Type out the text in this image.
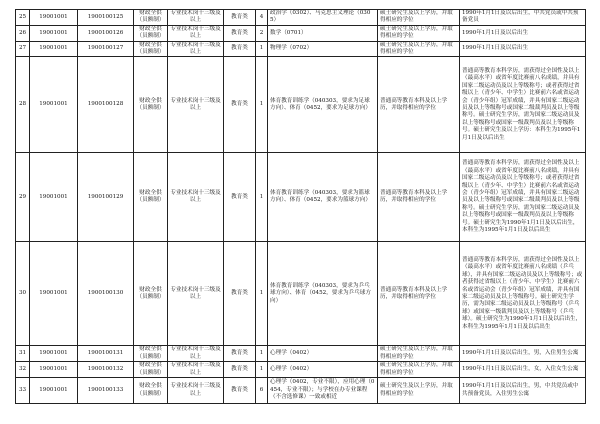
25	19001001	1900100125	财政全供（员额制）	专业技术岗十三级及以上	教育类	4	政治学（0302）、马克思主义理论（0305）	硕士研究生及以上学历，并取得相应的学位	1990年1月1日及以后出生，中共党员或中共预备党员
26	19001001	1900100126	财政全供（员额制）	专业技术岗十三级及以上	教育类	2	数学（0701）	硕士研究生及以上学历，并取得相应的学位	1990年1月1日及以后出生
27	19001001	1900100127	财政全供（员额制）	专业技术岗十三级及以上	教育类	1	物理学（0702）	硕士研究生及以上学历，并取得相应的学位	1990年1月1日及以后出生
28	19001001	1900100128	财政全供（员额制）	专业技术岗十三级及以上	教育类	1	体育教育训练学（040303，要求为足球方向）、体育（0452，要求为足球方向）	普通高等教育本科及以上学历，并取得相应的学位	普通高等教育本科学历，需获得过全国性及以上（最高水平）或省年度比赛前八名成绩，并具有国家二级运动员及以上等级称号；或者获得过省级以上（青少年、中学生）比赛前六名或省运动会（青少年组）冠军成绩，并具有国家二级运动员及以上等级称号或国家二级裁判员及以上等级称号。硕士研究生学历，需为国家二级运动员及以上等级称号或国家一级裁判员及以上等级称号。硕士研究生及以上学历：本科生为1995年1月1日及以后出生
29	19001001	1900100129	财政全供（员额制）	专业技术岗十三级及以上	教育类	1	体育教育训练学（040303，要求为篮球方向）、体育（0452，要求为篮球方向）	普通高等教育本科及以上学历，并取得相应的学位	普通高等教育本科学历，需获得过全国性及以上（最高水平）或省年度比赛前八名成绩，并具有国家二级运动员及以上等级称号；或者获得过省级以上（青少年、中学生）比赛前六名或省运动会（青少年组）冠军成绩，并具有国家二级运动员及以上等级称号或国家二级裁判员及以上等级称号。硕士研究生学历，需为国家二级运动员及以上等级称号或国家一级裁判员及以上等级称号。硕士研究生为1990年1月1日及以后出生，本科生为1995年1月1日及以后出生
30	19001001	1900100130	财政全供（员额制）	专业技术岗十三级及以上	教育类	1	体育教育训练学（040303，要求为乒乓球方向）、体育（0452，要求为乒乓球方向）	普通高等教育本科及以上学历，并取得相应的学位	普通高等教育本科学历，需获得过全国性及以上（最高水平）或省年度比赛前八名成绩（乒乓球），并具有国家二级运动员及以上等级称号；或者获得过省级以上（青少年、中学生）比赛前六名或省运动会（青少年组）冠军成绩，并具有国家二级运动员及以上等级称号。硕士研究生学历，需为国家二级运动员及以上等级称号（乒乓球）或国家一级裁判员及以上等级称号（乒乓球）。硕士研究生为1990年1月1日及以后出生，本科生为1995年1月1日及以后出生
31	19001001	1900100131	财政全供（员额制）	专业技术岗十三级及以上	教育类	1	心理学（0402）	硕士研究生及以上学历，并取得相应的学位	1990年1月1日及以后出生，男，入住男生公寓
32	19001001	1900100132	财政全供（员额制）	专业技术岗十三级及以上	教育类	1	心理学（0402）	硕士研究生及以上学历，并取得相应的学位	1990年1月1日及以后出生，女，入住女生公寓
33	19001001	1900100133	财政全供（员额制）	专业技术岗十三级及以上	教育类	6	心理学（0402，专业不限），应用心理（0454，专业不限）；与学校在办专业课程（不含选修课）一致或相近	硕士研究生及以上学历，并取得相应的学位	1990年1月1日及以后出生，男，中共党员或中共预备党员，入住男生公寓
